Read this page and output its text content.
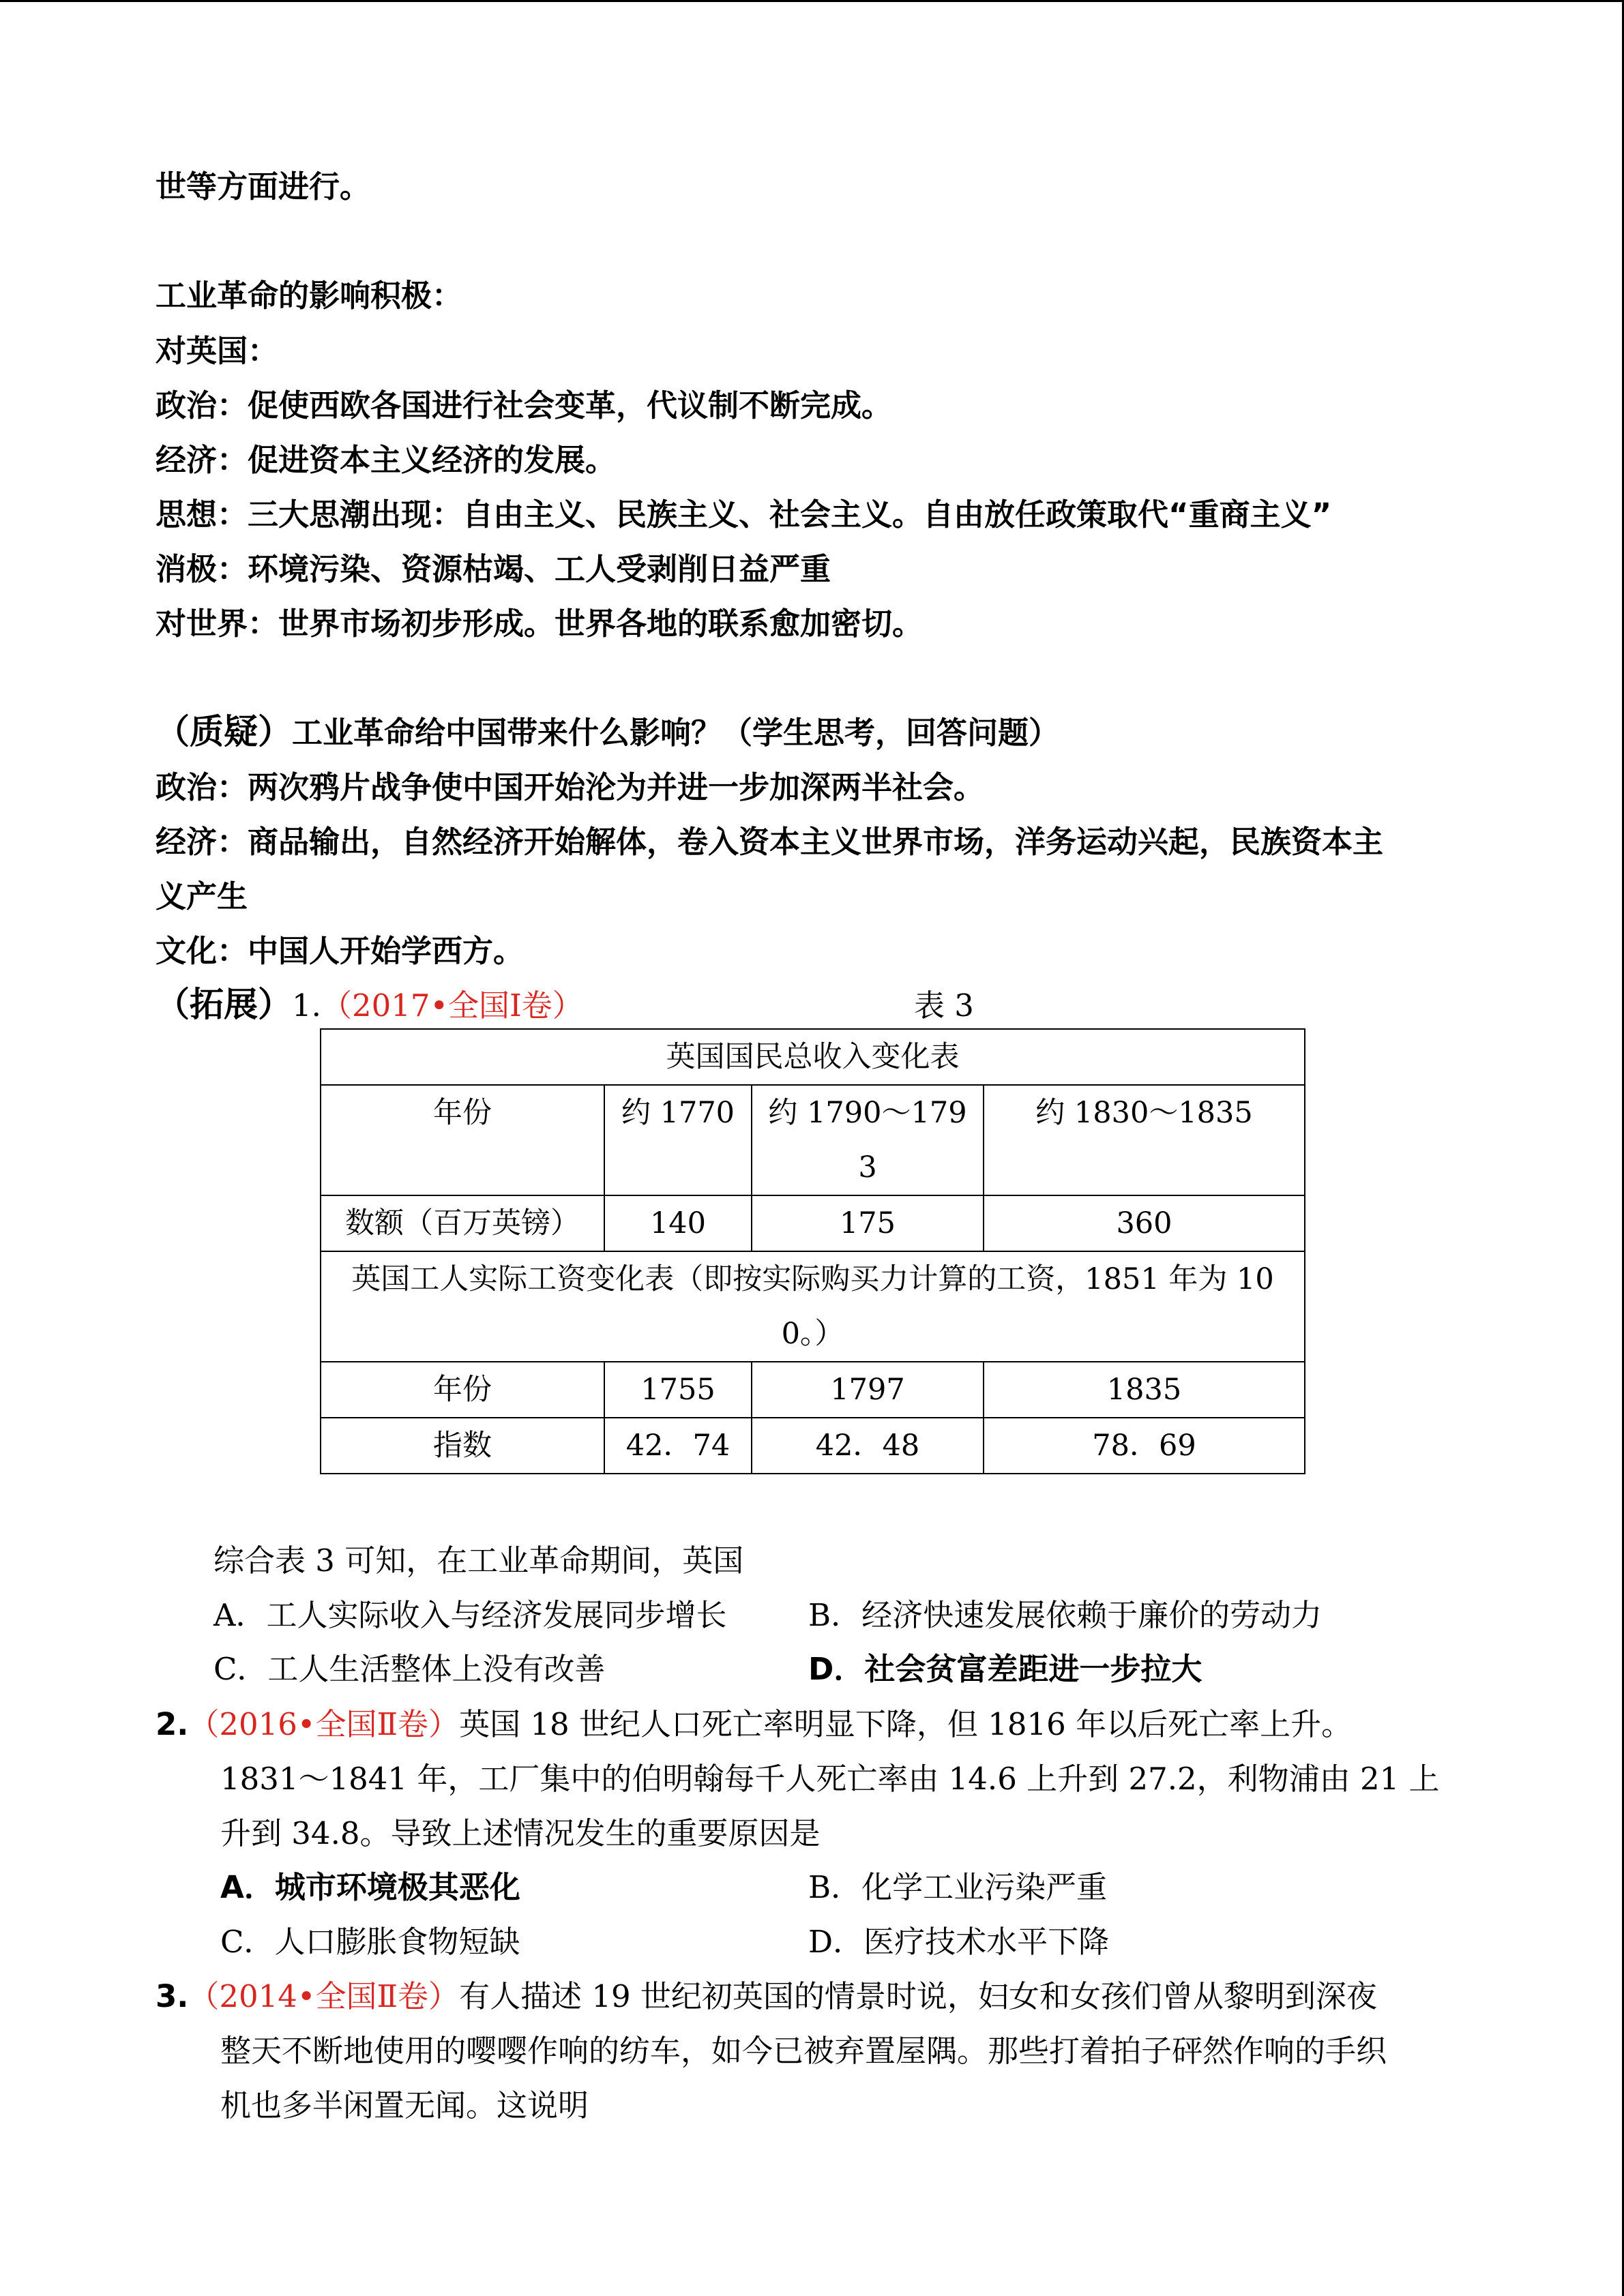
世等方面进行。
工业革命的影响积极：
对英国：
政治：促使西欧各国进行社会变革，代议制不断完成。
经济：促进资本主义经济的发展。
思想：三大思潮出现：自由主义、民族主义、社会主义。自由放任政策取代“重商主义”
消极：环境污染、资源枯竭、工人受剥削日益严重
对世界：世界市场初步形成。世界各地的联系愈加密切。
（质疑）工业革命给中国带来什么影响？（学生思考，回答问题）
政治：两次鸦片战争使中国开始沦为并进一步加深两半社会。
经济：商品输出，自然经济开始解体，卷入资本主义世界市场，洋务运动兴起，民族资本主
义产生
文化：中国人开始学西方。
（拓展）1.（2017•全国Ⅰ卷）	表 3
英国国民总收入变化表			
年份	约 1770	约 1790～1793	约 1830～1835
数额（百万英镑）	140	175	360
英国工人实际工资变化表（即按实际购买力计算的工资，1851 年为 100。）			
年份	1755	1797	1835
指数	42．74	42．48	78．69
综合表 3 可知，在工业革命期间，英国
A．工人实际收入与经济发展同步增长	B．经济快速发展依赖于廉价的劳动力
C．工人生活整体上没有改善	D．社会贫富差距进一步拉大
2.（2016•全国Ⅱ卷）英国 18 世纪人口死亡率明显下降，但 1816 年以后死亡率上升。
1831～1841 年，工厂集中的伯明翰每千人死亡率由 14.6 上升到 27.2，利物浦由 21 上
升到 34.8。导致上述情况发生的重要原因是
A．城市环境极其恶化	B．化学工业污染严重
C．人口膨胀食物短缺	D．医疗技术水平下降
3.（2014•全国Ⅱ卷）有人描述 19 世纪初英国的情景时说，妇女和女孩们曾从黎明到深夜
整天不断地使用的嘤嘤作响的纺车，如今已被弃置屋隅。那些打着拍子砰然作响的手织
机也多半闲置无闻。这说明
